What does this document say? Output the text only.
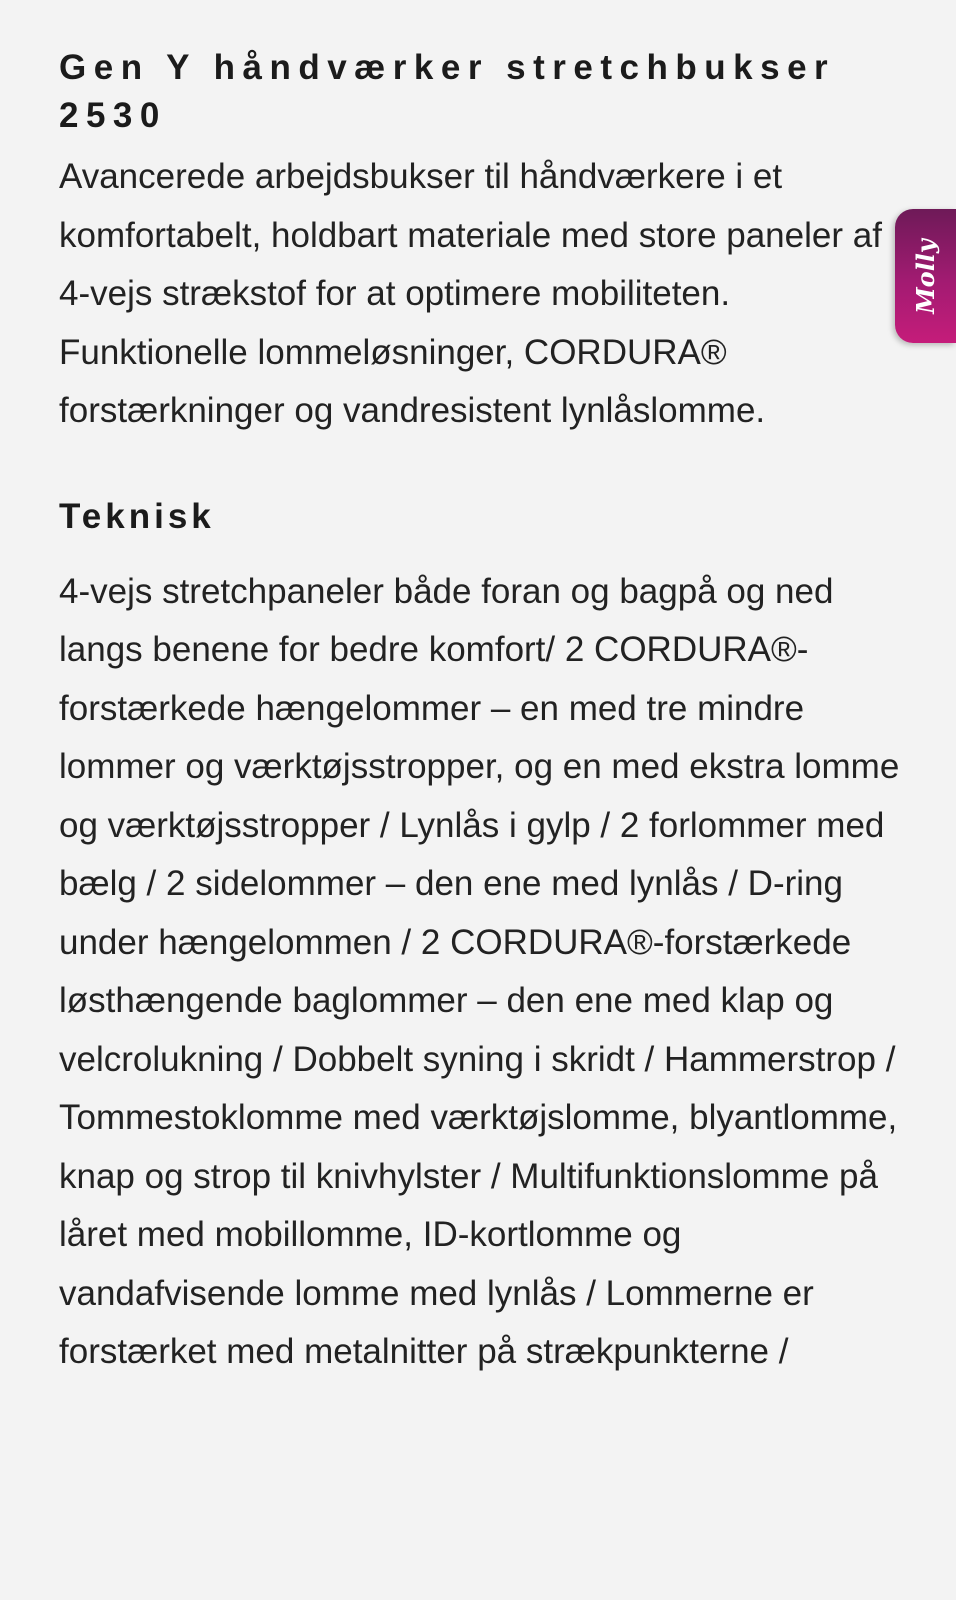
Gen Y håndværker stretchbukser 2530

Avancerede arbejdsbukser til håndværkere i et komfortabelt, holdbart materiale med store paneler af 4-vejs strækstof for at optimere mobiliteten. Funktionelle lommeløsninger, CORDURA® forstærkninger og vandresistent lynlåslomme.

Teknisk

4-vejs stretchpaneler både foran og bagpå og ned langs benene for bedre komfort/ 2 CORDURA®-forstærkede hængelommer – en med tre mindre lommer og værktøjsstropper, og en med ekstra lomme og værktøjsstropper / Lynlås i gylp / 2 forlommer med bælg / 2 sidelommer – den ene med lynlås / D-ring under hængelommen / 2 CORDURA®-forstærkede løsthængende baglommer – den ene med klap og velcrolukning / Dobbelt syning i skridt / Hammerstrop / Tommestoklomme med værktøjslomme, blyantlomme, knap og strop til knivhylster / Multifunktionslomme på låret med mobillomme, ID-kortlomme og vandafvisende lomme med lynlås / Lommerne er forstærket med metalnitter på strækpunkterne /

Molly
